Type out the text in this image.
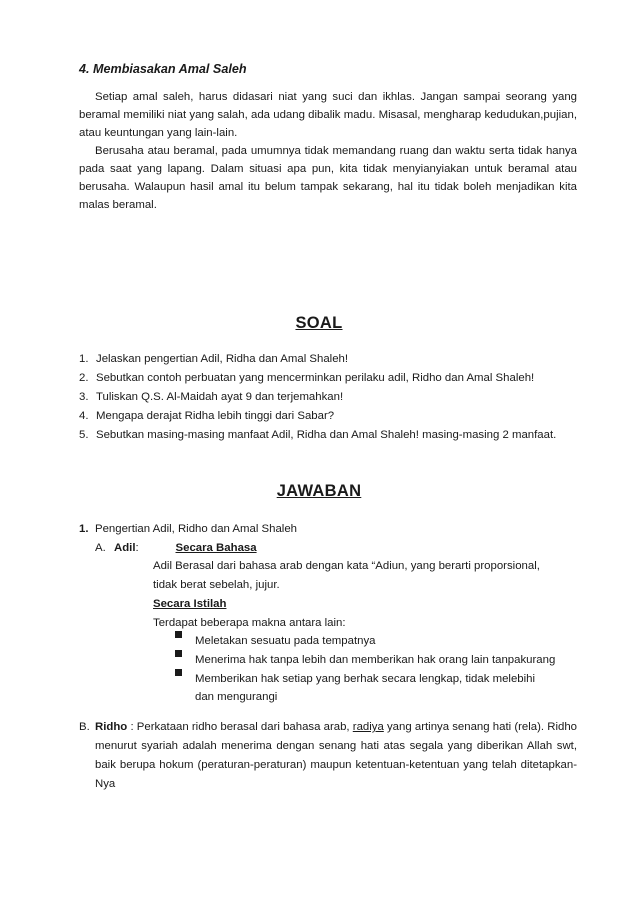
4. Membiasakan Amal Saleh

Setiap amal saleh, harus didasari niat yang suci dan ikhlas. Jangan sampai seorang yang beramal memiliki niat yang salah, ada udang dibalik madu. Misasal, mengharap kedudukan,pujian, atau keuntungan yang lain-lain.

Berusaha atau beramal, pada umumnya tidak memandang ruang dan waktu serta tidak hanya pada saat yang lapang. Dalam situasi apa pun, kita tidak menyianyiakan untuk beramal atau berusaha. Walaupun hasil amal itu belum tampak sekarang, hal itu tidak boleh menjadikan kita malas beramal.

SOAL
1. Jelaskan pengertian Adil, Ridha dan Amal Shaleh!
2. Sebutkan contoh perbuatan yang mencerminkan perilaku adil, Ridho dan Amal Shaleh!
3. Tuliskan Q.S. Al-Maidah ayat 9 dan terjemahkan!
4. Mengapa derajat Ridha lebih tinggi dari Sabar?
5. Sebutkan masing-masing manfaat Adil, Ridha dan Amal Shaleh! masing-masing 2 manfaat.
JAWABAN
1. Pengertian Adil, Ridho dan Amal Shaleh
A. Adil :	Secara Bahasa
Adil Berasal dari bahasa arab dengan kata “Adiun, yang berarti proporsional,
tidak berat sebelah, jujur.
Secara Istilah
Terdapat beberapa makna antara lain:
Meletakan sesuatu pada tempatnya
Menerima hak tanpa lebih dan memberikan hak orang lain tanpakurang
Memberikan hak setiap yang berhak secara lengkap, tidak melebihi
dan mengurangi
B. Ridho : Perkataan ridho berasal dari bahasa arab, radiya yang artinya senang hati (rela). Ridho menurut syariah adalah menerima dengan senang hati atas segala yang diberikan Allah swt, baik berupa hokum (peraturan-peraturan) maupun ketentuan-ketentuan yang telah ditetapkan-Nya
